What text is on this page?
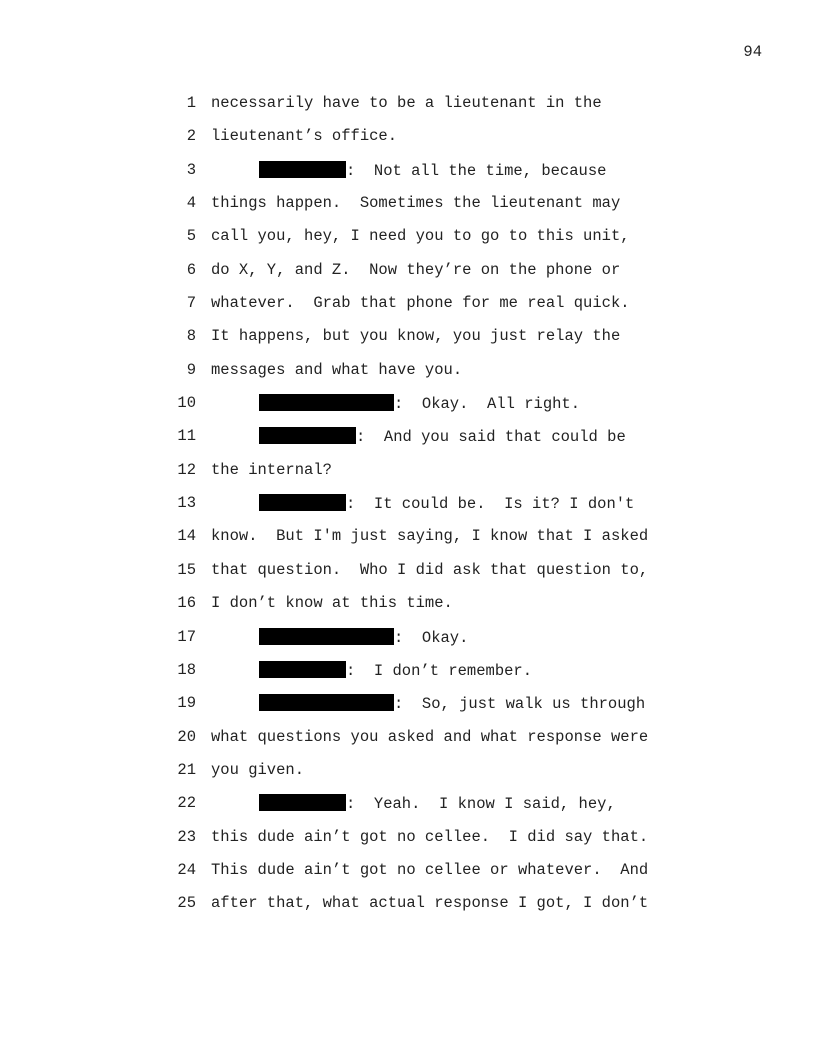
94
1 necessarily have to be a lieutenant in the
2 lieutenant’s office.
3	:  Not all the time, because
4 things happen.  Sometimes the lieutenant may
5 call you, hey, I need you to go to this unit,
6 do X, Y, and Z.  Now they’re on the phone or
7 whatever.  Grab that phone for me real quick.
8 It happens, but you know, you just relay the
9 messages and what have you.
10	:  Okay.  All right.
11	:  And you said that could be
12 the internal?
13	:  It could be.  Is it? I don't
14 know.  But I'm just saying, I know that I asked
15 that question.  Who I did ask that question to,
16 I don’t know at this time.
17	:  Okay.
18	:  I don’t remember.
19	:  So, just walk us through
20 what questions you asked and what response were
21 you given.
22	:  Yeah.  I know I said, hey,
23 this dude ain’t got no cellee.  I did say that.
24 This dude ain’t got no cellee or whatever.  And
25 after that, what actual response I got, I don’t
